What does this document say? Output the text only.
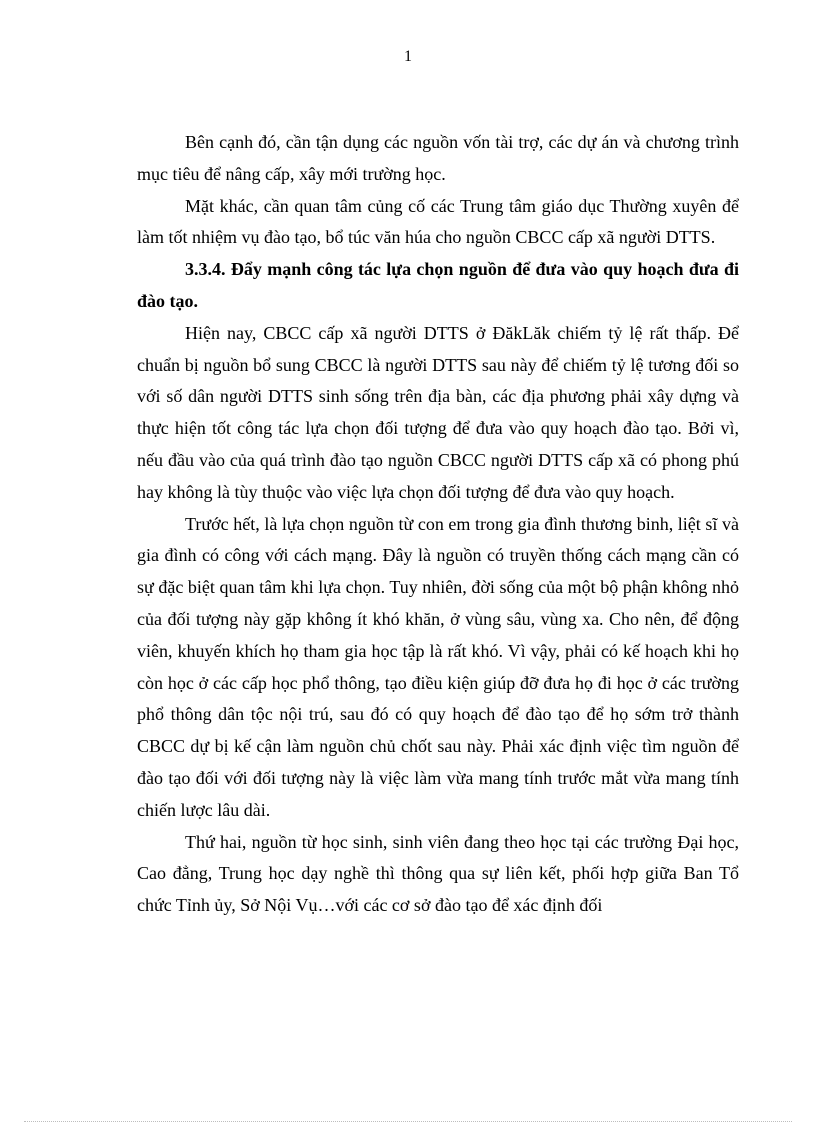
1

Bên cạnh đó, cần tận dụng các nguồn vốn tài trợ, các dự án và chương trình mục tiêu để nâng cấp, xây mới trường học.

Mặt khác, cần quan tâm củng cố các Trung tâm giáo dục Thường xuyên để làm tốt nhiệm vụ đào tạo, bổ túc văn húa cho nguồn CBCC cấp xã người DTTS.

3.3.4. Đẩy mạnh công tác lựa chọn nguồn để đưa vào quy hoạch đưa đi đào tạo.

Hiện nay, CBCC cấp xã người DTTS ở ĐăkLăk chiếm tỷ lệ rất thấp. Để chuẩn bị nguồn bổ sung CBCC là người DTTS sau này để chiếm tỷ lệ tương đối so với số dân người DTTS sinh sống trên địa bàn, các địa phương phải xây dựng và thực hiện tốt công tác lựa chọn đối tượng để đưa vào quy hoạch đào tạo. Bởi vì, nếu đầu vào của quá trình đào tạo nguồn CBCC người DTTS cấp xã có phong phú hay không là tùy thuộc vào việc lựa chọn đối tượng để đưa vào quy hoạch.

Trước hết, là lựa chọn nguồn từ con em trong gia đình thương binh, liệt sĩ và gia đình có công với cách mạng. Đây là nguồn có truyền thống cách mạng cần có sự đặc biệt quan tâm khi lựa chọn. Tuy nhiên, đời sống của một bộ phận không nhỏ của đối tượng này gặp không ít khó khăn, ở vùng sâu, vùng xa. Cho nên, để động viên, khuyến khích họ tham gia học tập là rất khó. Vì vậy, phải có kế hoạch khi họ còn học ở các cấp học phổ thông, tạo điều kiện giúp đỡ đưa họ đi học ở các trường phổ thông dân tộc nội trú, sau đó có quy hoạch để đào tạo để họ sớm trở thành CBCC dự bị kế cận làm nguồn chủ chốt sau này. Phải xác định việc tìm nguồn để đào tạo đối với đối tượng này là việc làm vừa mang tính trước mắt vừa mang tính chiến lược lâu dài.

Thứ hai, nguồn từ học sinh, sinh viên đang theo học tại các trường Đại học, Cao đẳng, Trung học dạy nghề thì thông qua sự liên kết, phối hợp giữa Ban Tổ chức Tỉnh ủy, Sở Nội Vụ…với các cơ sở đào tạo để xác định đối
